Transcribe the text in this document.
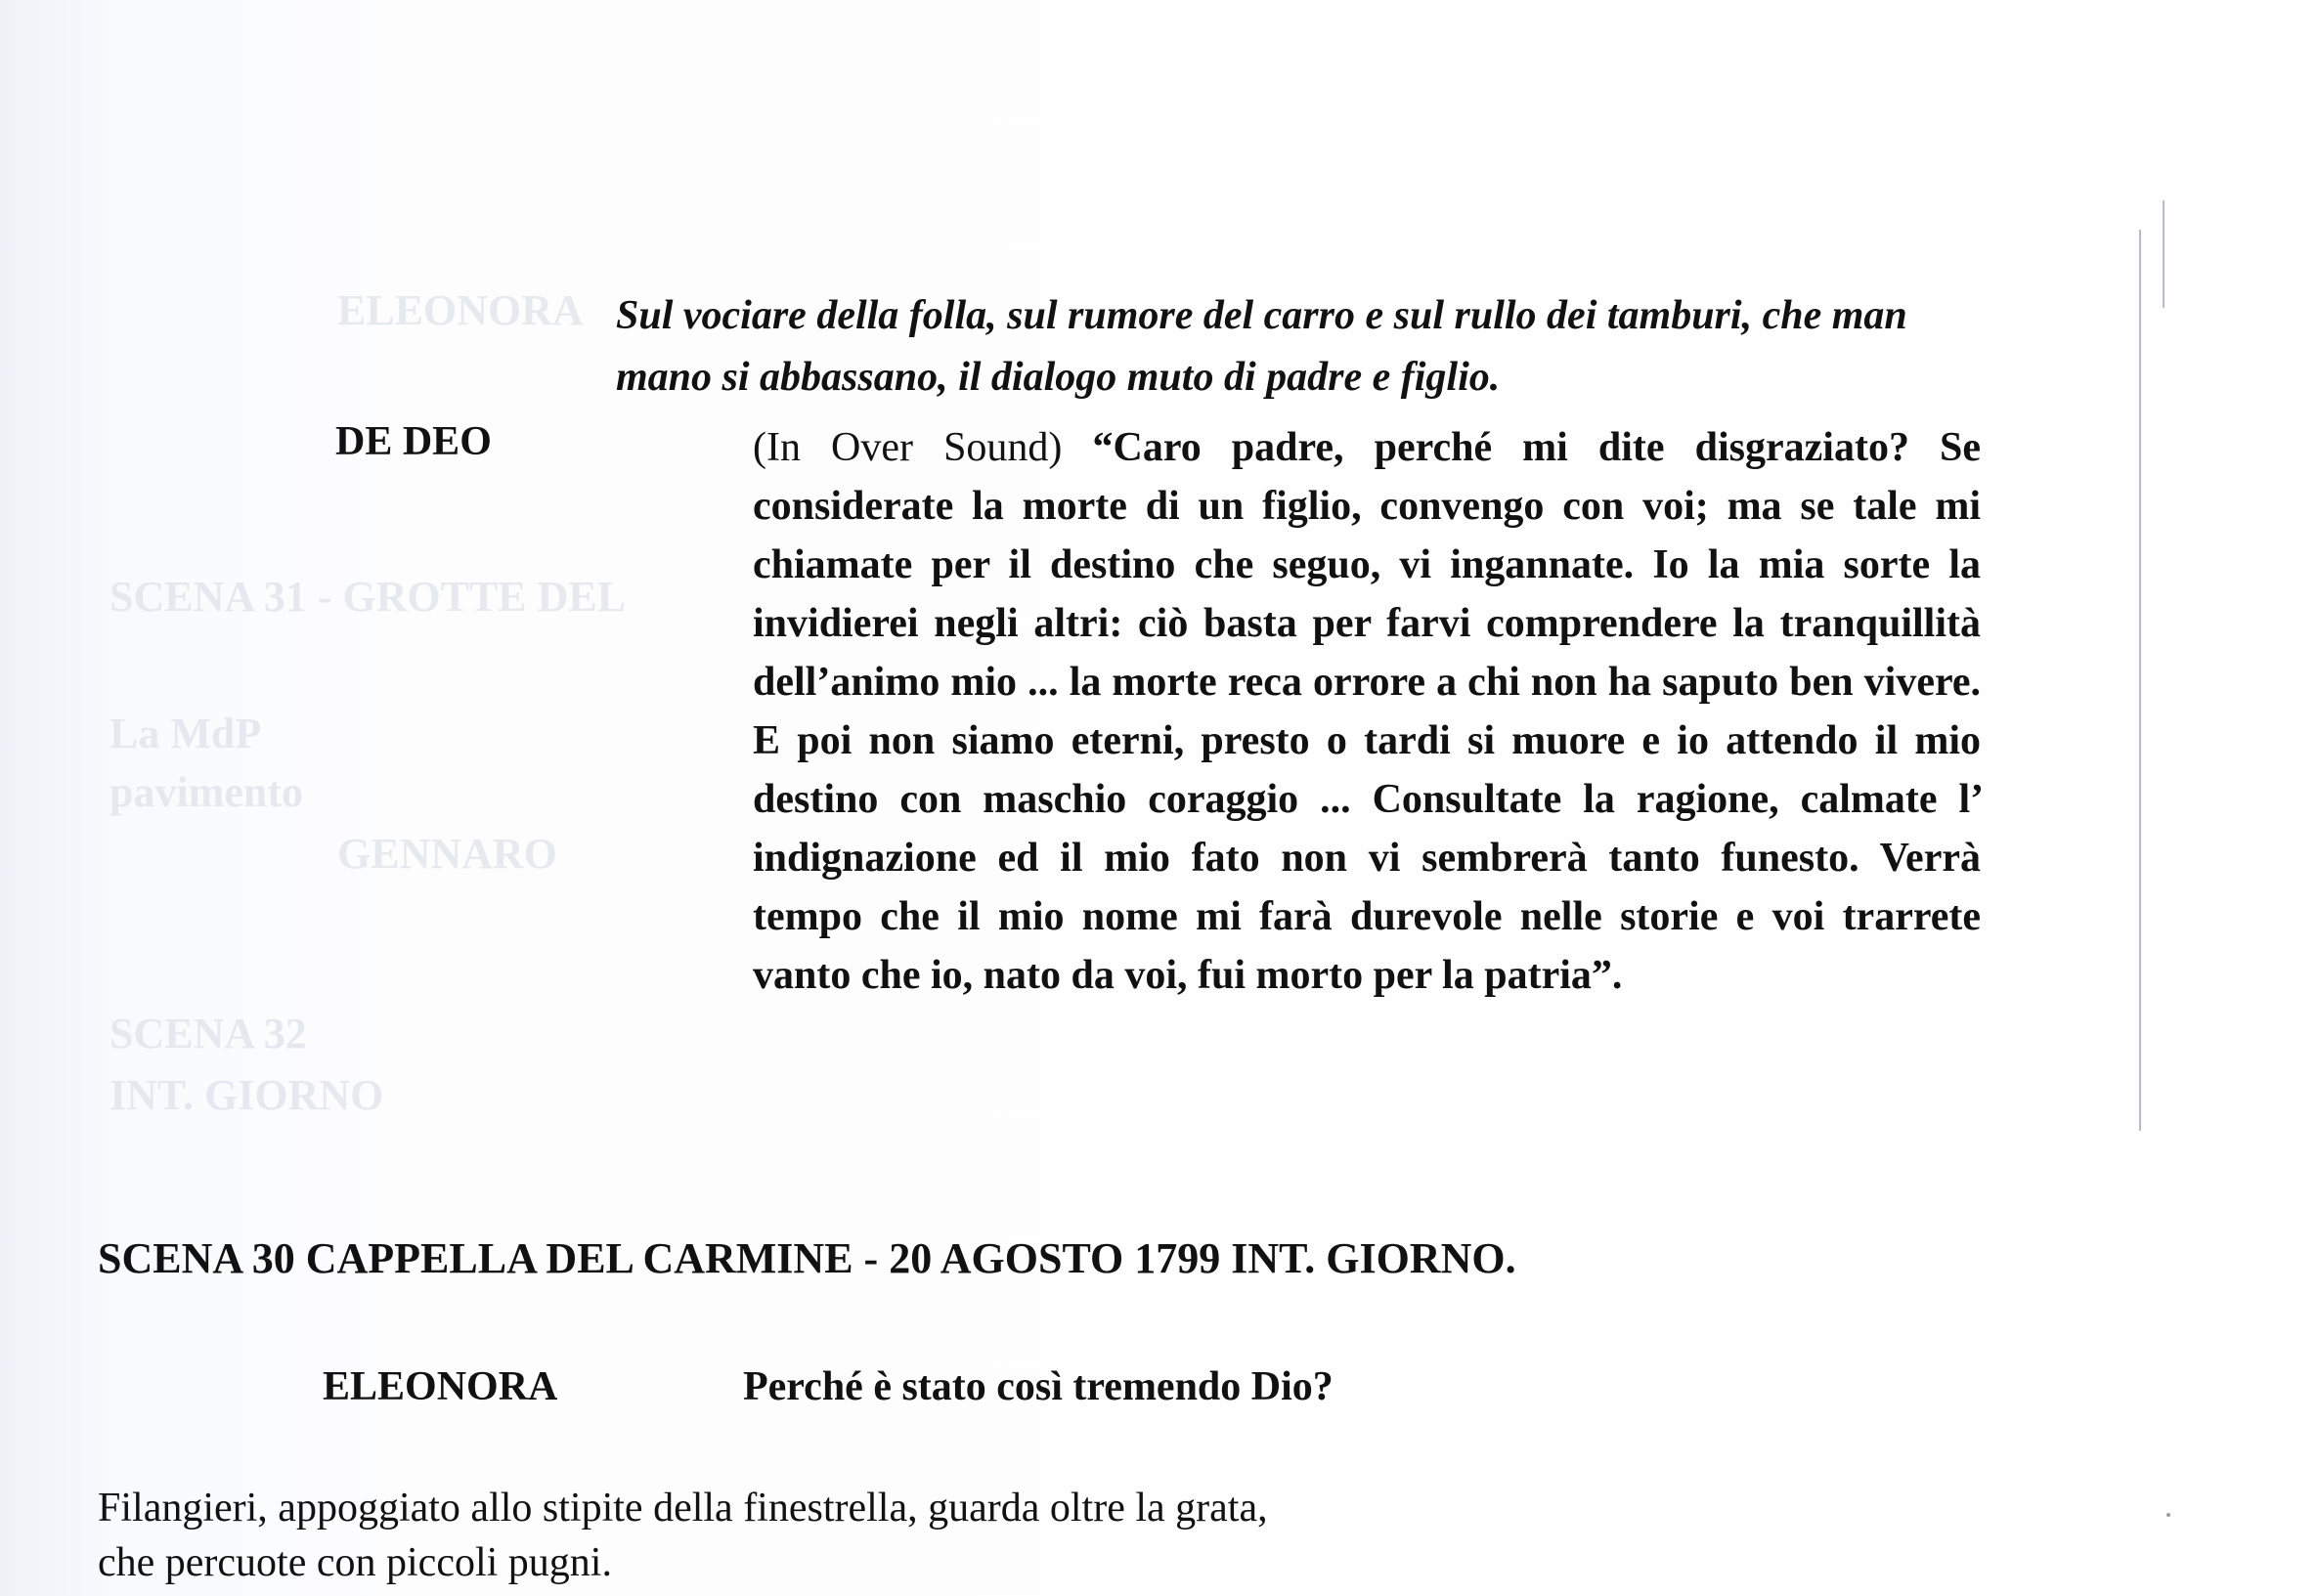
ELEONORA
SCENA 31 - GROTTE DEL
La MdP
pavimento
GENNARO
SCENA 32
INT. GIORNO

Sul vociare della folla, sul rumore del carro e sul rullo dei tamburi, che man
mano si abbassano, il dialogo muto di padre e figlio.

DE DEO	(In Over Sound) “Caro padre, perché mi dite disgraziato? Se considerate la morte di un figlio, convengo con voi; ma se tale mi chiamate per il destino che seguo, vi ingannate. Io la mia sorte la invidierei negli altri: ciò basta per farvi comprendere la tranquillità dell’animo mio ... la morte reca orrore a chi non ha saputo ben vivere. E poi non siamo eterni, presto o tardi si muore e io attendo il mio destino con maschio coraggio ... Consultate la ragione, calmate l’ indignazione ed il mio fato non vi sembrerà tanto funesto. Verrà tempo che il mio nome mi farà durevole nelle storie e voi trarrete vanto che io, nato da voi, fui morto per la patria”.

SCENA 30 CAPPELLA DEL CARMINE - 20 AGOSTO 1799 INT. GIORNO.

ELEONORA	Perché è stato così tremendo Dio?

Filangieri, appoggiato allo stipite della finestrella, guarda oltre la grata,
che percuote con piccoli pugni.
